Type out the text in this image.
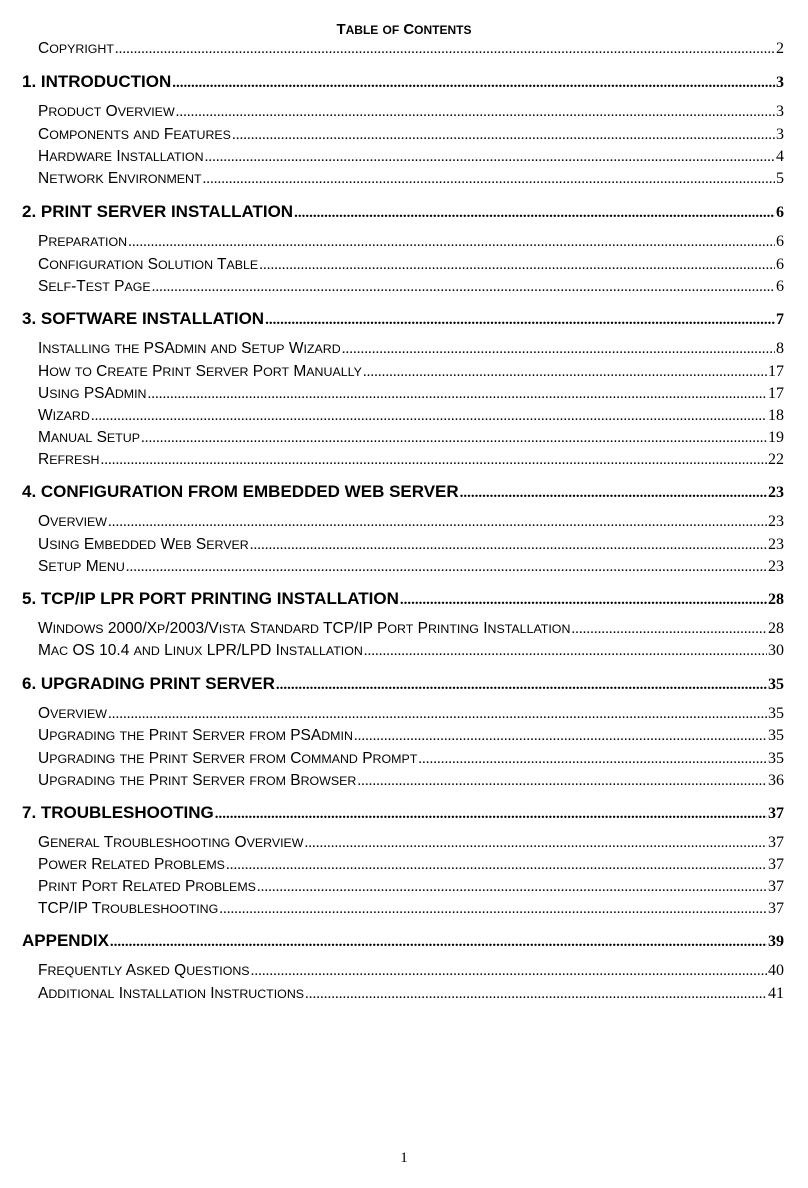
TABLE OF CONTENTS
COPYRIGHT .....	2
1. INTRODUCTION .....	3
PRODUCT OVERVIEW .....	3
COMPONENTS AND FEATURES .....	3
HARDWARE INSTALLATION .....	4
NETWORK ENVIRONMENT .....	5
2. PRINT SERVER INSTALLATION .....	6
PREPARATION .....	6
CONFIGURATION SOLUTION TABLE .....	6
SELF-TEST PAGE .....	6
3. SOFTWARE INSTALLATION .....	7
INSTALLING THE PSADMIN AND SETUP WIZARD .....	8
HOW TO CREATE PRINT SERVER PORT MANUALLY .....	17
USING PSADMIN .....	17
WIZARD .....	18
MANUAL SETUP .....	19
REFRESH .....	22
4. CONFIGURATION FROM EMBEDDED WEB SERVER .....	23
OVERVIEW .....	23
USING EMBEDDED WEB SERVER .....	23
SETUP MENU .....	23
5. TCP/IP LPR PORT PRINTING INSTALLATION .....	28
WINDOWS 2000/XP/2003/VISTA STANDARD TCP/IP PORT PRINTING INSTALLATION .....	28
MAC OS 10.4 AND LINUX LPR/LPD INSTALLATION .....	30
6. UPGRADING PRINT SERVER .....	35
OVERVIEW .....	35
UPGRADING THE PRINT SERVER FROM PSADMIN .....	35
UPGRADING THE PRINT SERVER FROM COMMAND PROMPT .....	35
UPGRADING THE PRINT SERVER FROM BROWSER .....	36
7. TROUBLESHOOTING .....	37
GENERAL TROUBLESHOOTING OVERVIEW .....	37
POWER RELATED PROBLEMS .....	37
PRINT PORT RELATED PROBLEMS .....	37
TCP/IP TROUBLESHOOTING .....	37
APPENDIX .....	39
FREQUENTLY ASKED QUESTIONS .....	40
ADDITIONAL INSTALLATION INSTRUCTIONS .....	41
1
